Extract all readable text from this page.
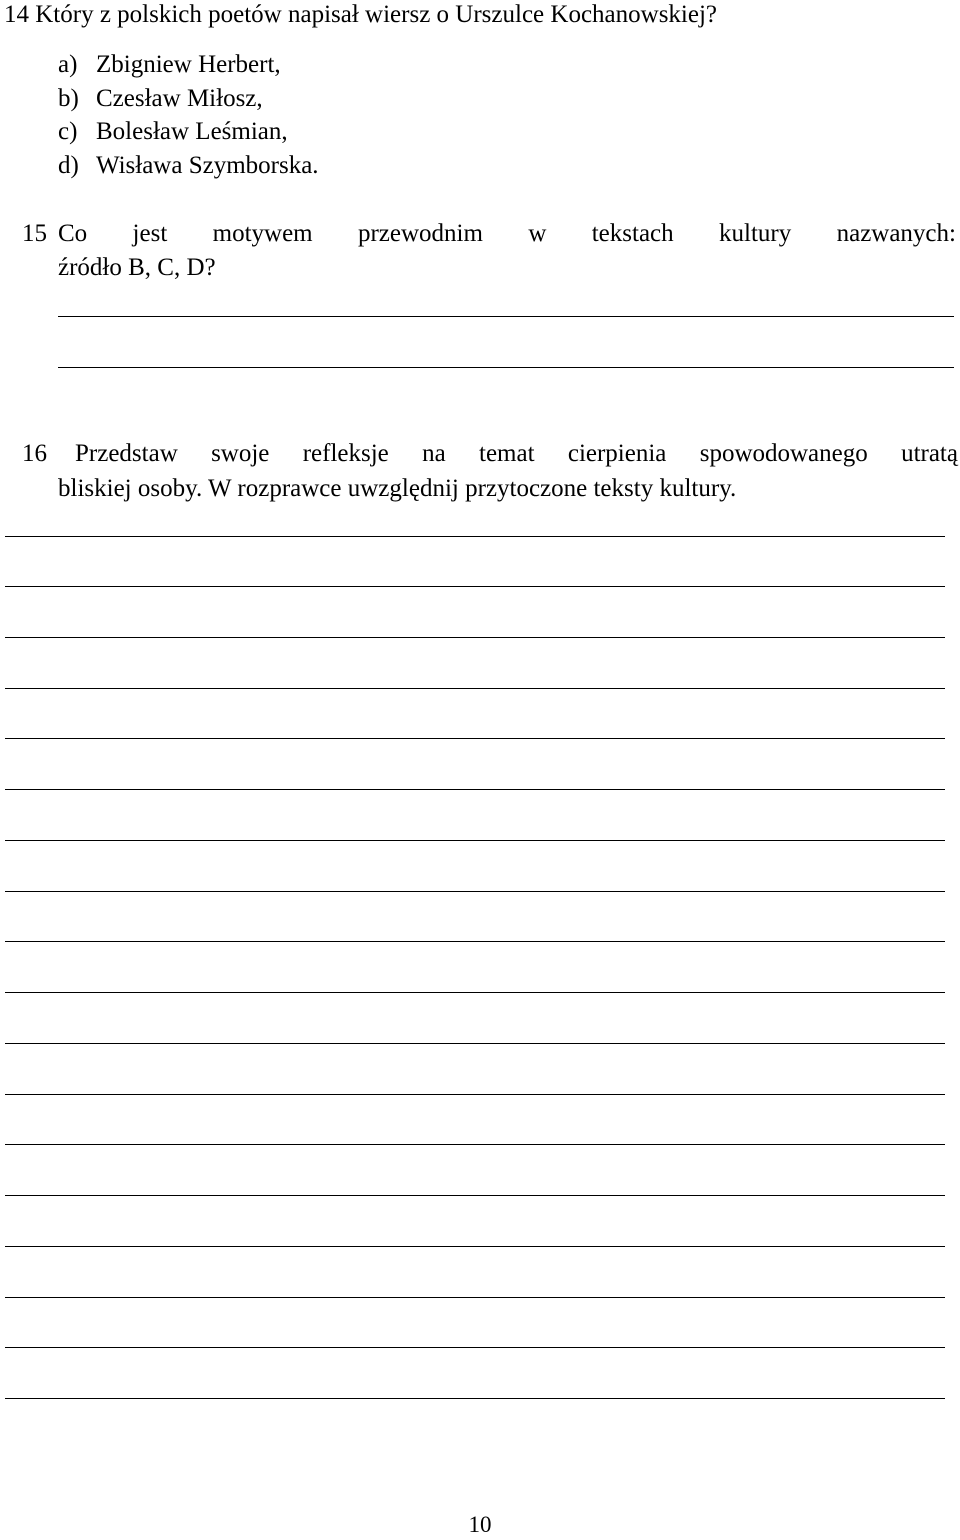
14 Który z polskich poetów napisał wiersz o Urszulce Kochanowskiej?
a) Zbigniew Herbert,
b) Czesław Miłosz,
c) Bolesław Leśmian,
d) Wisława Szymborska.
15 Co jest motywem przewodnim w tekstach kultury nazwanych:
źródło B, C, D?
16 Przedstaw swoje refleksje na temat cierpienia spowodowanego utratą
bliskiej osoby. W rozprawce uwzględnij przytoczone teksty kultury.
10
